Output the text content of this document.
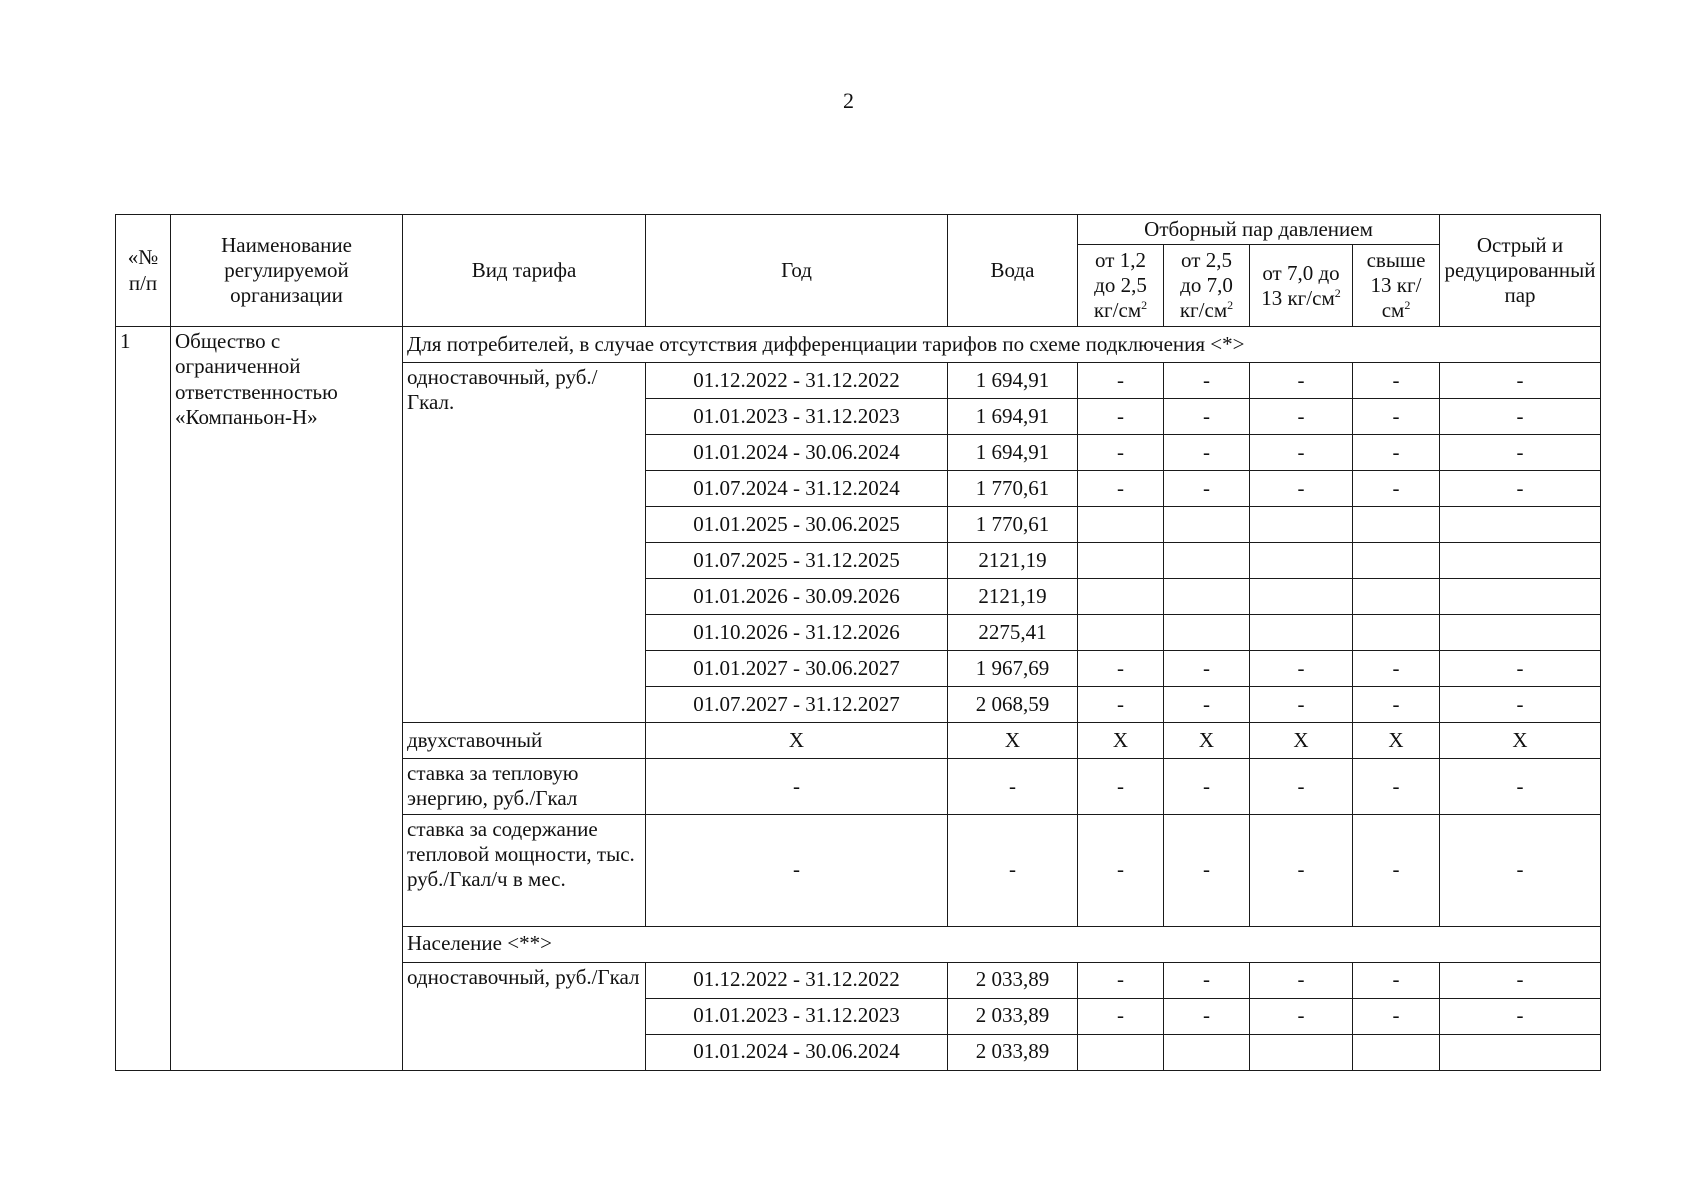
2
«№ п/п	Наименование регулируемой организации	Вид тарифа	Год	Вода	Отборный пар давлением				Острый и редуцированный пар
					от 1,2 до 2,5 $кг/см^2$	от 2,5 до 7,0 $кг/см^2$	от 7,0 до 13 $кг/см^2$	свыше 13 $кг/см^2$
1	Общество с ограниченной ответственностью «Компаньон-Н»	Для потребителей, в случае отсутствия дифференциации тарифов по схеме подключения <*>							
		одноставочный, руб./Гкал.	01.12.2022 - 31.12.2022	1 694,91	-	-	-	-	-
			01.01.2023 - 31.12.2023	1 694,91	-	-	-	-	-
			01.01.2024 - 30.06.2024	1 694,91	-	-	-	-	-
			01.07.2024 - 31.12.2024	1 770,61	-	-	-	-	-
			01.01.2025 - 30.06.2025	1 770,61					
			01.07.2025 - 31.12.2025	2121,19					
			01.01.2026 - 30.09.2026	2121,19					
			01.10.2026 - 31.12.2026	2275,41					
			01.01.2027 - 30.06.2027	1 967,69	-	-	-	-	-
			01.07.2027 - 31.12.2027	2 068,59	-	-	-	-	-
		двухставочный	X	X	X	X	X	X	X
		ставка за тепловую энергию, руб./Гкал	-	-	-	-	-	-	-
		ставка за содержание тепловой мощности, тыс. руб./Гкал/ч в мес.	-	-	-	-	-	-	-
		Население <**>							
		одноставочный, руб./Гкал	01.12.2022 - 31.12.2022	2 033,89	-	-	-	-	-
			01.01.2023 - 31.12.2023	2 033,89	-	-	-	-	-
			01.01.2024 - 30.06.2024	2 033,89					
